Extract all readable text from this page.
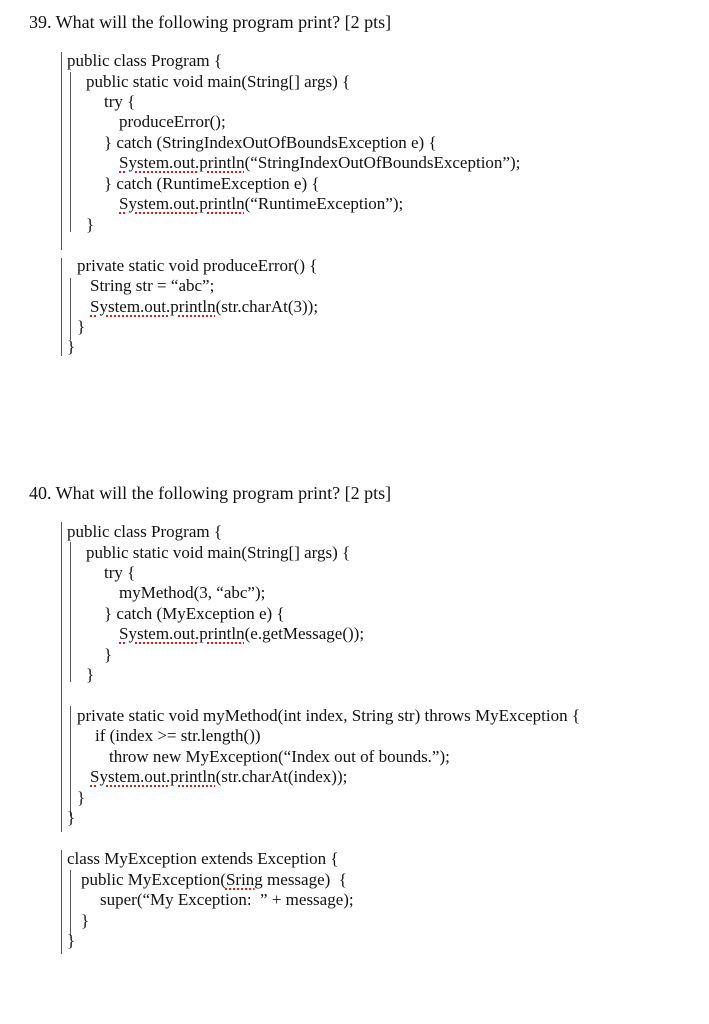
39. What will the following program print? [2 pts]
public class Program {
public static void main(String[] args) {
try {
produceError();
} catch (StringIndexOutOfBoundsException e) {
System.out.println(“StringIndexOutOfBoundsException”);
} catch (RuntimeException e) {
System.out.println(“RuntimeException”);
}
private static void produceError() {
String str = “abc”;
System.out.println(str.charAt(3));
}
}
40. What will the following program print? [2 pts]
public class Program {
public static void main(String[] args) {
try {
myMethod(3, “abc”);
} catch (MyException e) {
System.out.println(e.getMessage());
}
}
private static void myMethod(int index, String str) throws MyException {
if (index >= str.length())
throw new MyException(“Index out of bounds.”);
System.out.println(str.charAt(index));
}
}
class MyException extends Exception {
public MyException(Sring message)  {
super(“My Exception:  ” + message);
}
}
